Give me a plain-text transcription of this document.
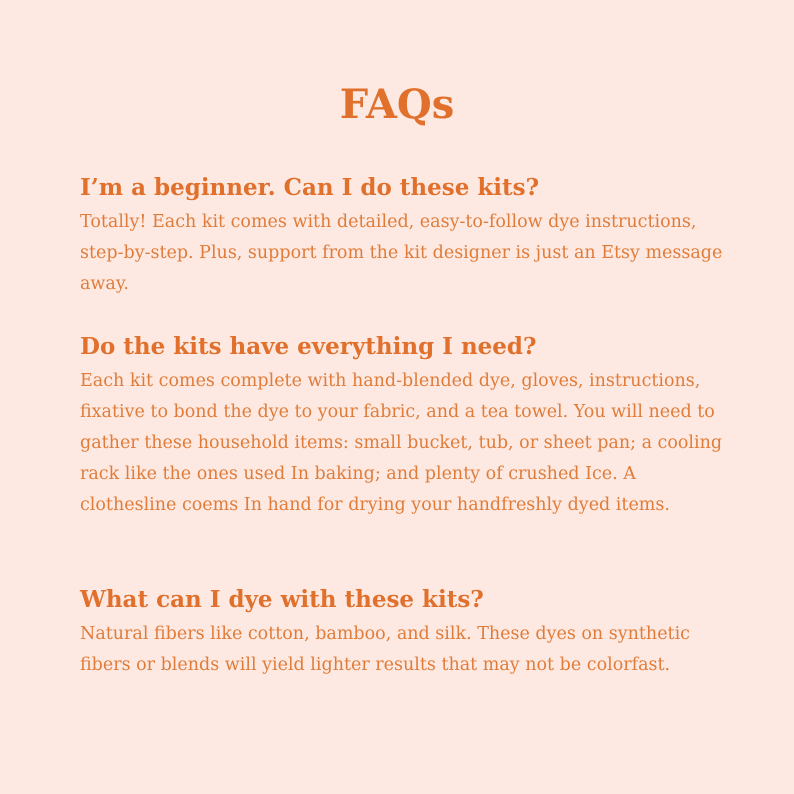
FAQs
I’m a beginner. Can I do these kits?

Totally! Each kit comes with detailed, easy-to-follow dye instructions, step-by-step. Plus, support from the kit designer is just an Etsy message away.

Do the kits have everything I need?

Each kit comes complete with hand-blended dye, gloves, instructions, fixative to bond the dye to your fabric, and a tea towel. You will need to gather these household items: small bucket, tub, or sheet pan; a cooling rack like the ones used In baking; and plenty of crushed Ice. A clothesline coems In hand for drying your handfreshly dyed items.

What can I dye with these kits?

Natural fibers like cotton, bamboo, and silk. These dyes on synthetic fibers or blends will yield lighter results that may not be colorfast.
